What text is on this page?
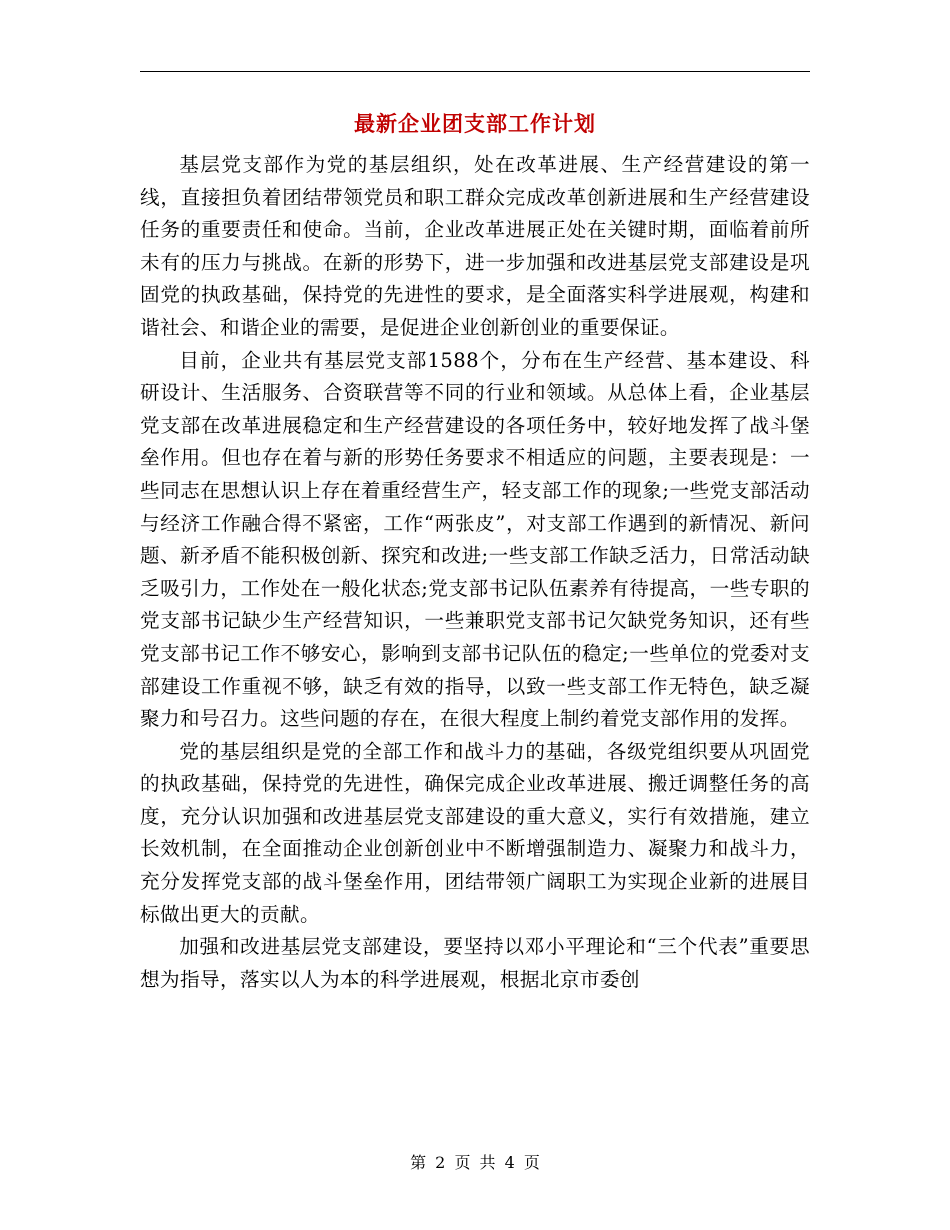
最新企业团支部工作计划

基层党支部作为党的基层组织，处在改革进展、生产经营建设的第一线，直接担负着团结带领党员和职工群众完成改革创新进展和生产经营建设任务的重要责任和使命。当前，企业改革进展正处在关键时期，面临着前所未有的压力与挑战。在新的形势下，进一步加强和改进基层党支部建设是巩固党的执政基础，保持党的先进性的要求，是全面落实科学进展观，构建和谐社会、和谐企业的需要，是促进企业创新创业的重要保证。

目前，企业共有基层党支部1588个，分布在生产经营、基本建设、科研设计、生活服务、合资联营等不同的行业和领域。从总体上看，企业基层党支部在改革进展稳定和生产经营建设的各项任务中，较好地发挥了战斗堡垒作用。但也存在着与新的形势任务要求不相适应的问题，主要表现是：一些同志在思想认识上存在着重经营生产，轻支部工作的现象;一些党支部活动与经济工作融合得不紧密，工作“两张皮”，对支部工作遇到的新情况、新问题、新矛盾不能积极创新、探究和改进;一些支部工作缺乏活力，日常活动缺乏吸引力，工作处在一般化状态;党支部书记队伍素养有待提高，一些专职的党支部书记缺少生产经营知识，一些兼职党支部书记欠缺党务知识，还有些党支部书记工作不够安心，影响到支部书记队伍的稳定;一些单位的党委对支部建设工作重视不够，缺乏有效的指导，以致一些支部工作无特色，缺乏凝聚力和号召力。这些问题的存在，在很大程度上制约着党支部作用的发挥。

党的基层组织是党的全部工作和战斗力的基础，各级党组织要从巩固党的执政基础，保持党的先进性，确保完成企业改革进展、搬迁调整任务的高度，充分认识加强和改进基层党支部建设的重大意义，实行有效措施，建立长效机制，在全面推动企业创新创业中不断增强制造力、凝聚力和战斗力，充分发挥党支部的战斗堡垒作用，团结带领广阔职工为实现企业新的进展目标做出更大的贡献。

加强和改进基层党支部建设，要坚持以邓小平理论和“三个代表”重要思想为指导，落实以人为本的科学进展观，根据北京市委创

第 2 页 共 4 页
